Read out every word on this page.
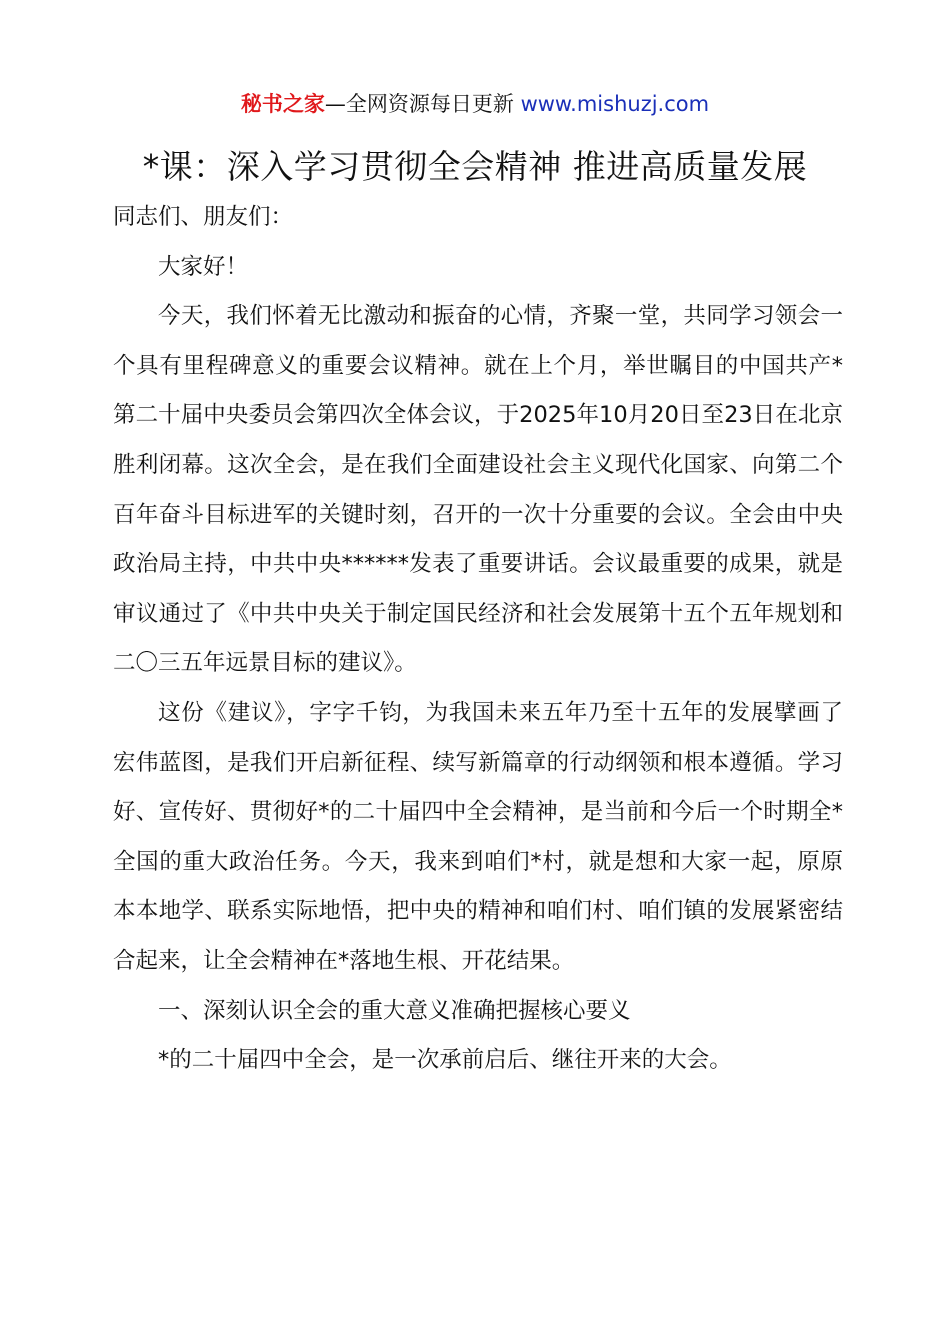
秘书之家—全网资源每日更新 www.mishuzj.com
*课：深入学习贯彻全会精神 推进高质量发展

同志们、朋友们：

大家好！

今天，我们怀着无比激动和振奋的心情，齐聚一堂，共同学习领会一个具有里程碑意义的重要会议精神。就在上个月，举世瞩目的中国共产*第二十届中央委员会第四次全体会议，于2025年10月20日至23日在北京胜利闭幕。这次全会，是在我们全面建设社会主义现代化国家、向第二个百年奋斗目标进军的关键时刻，召开的一次十分重要的会议。全会由中央政治局主持，中共中央******发表了重要讲话。会议最重要的成果，就是审议通过了《中共中央关于制定国民经济和社会发展第十五个五年规划和二〇三五年远景目标的建议》。

这份《建议》，字字千钧，为我国未来五年乃至十五年的发展擘画了宏伟蓝图，是我们开启新征程、续写新篇章的行动纲领和根本遵循。学习好、宣传好、贯彻好*的二十届四中全会精神，是当前和今后一个时期全*全国的重大政治任务。今天，我来到咱们*村，就是想和大家一起，原原本本地学、联系实际地悟，把中央的精神和咱们村、咱们镇的发展紧密结合起来，让全会精神在*落地生根、开花结果。

一、深刻认识全会的重大意义准确把握核心要义

*的二十届四中全会，是一次承前启后、继往开来的大会。
